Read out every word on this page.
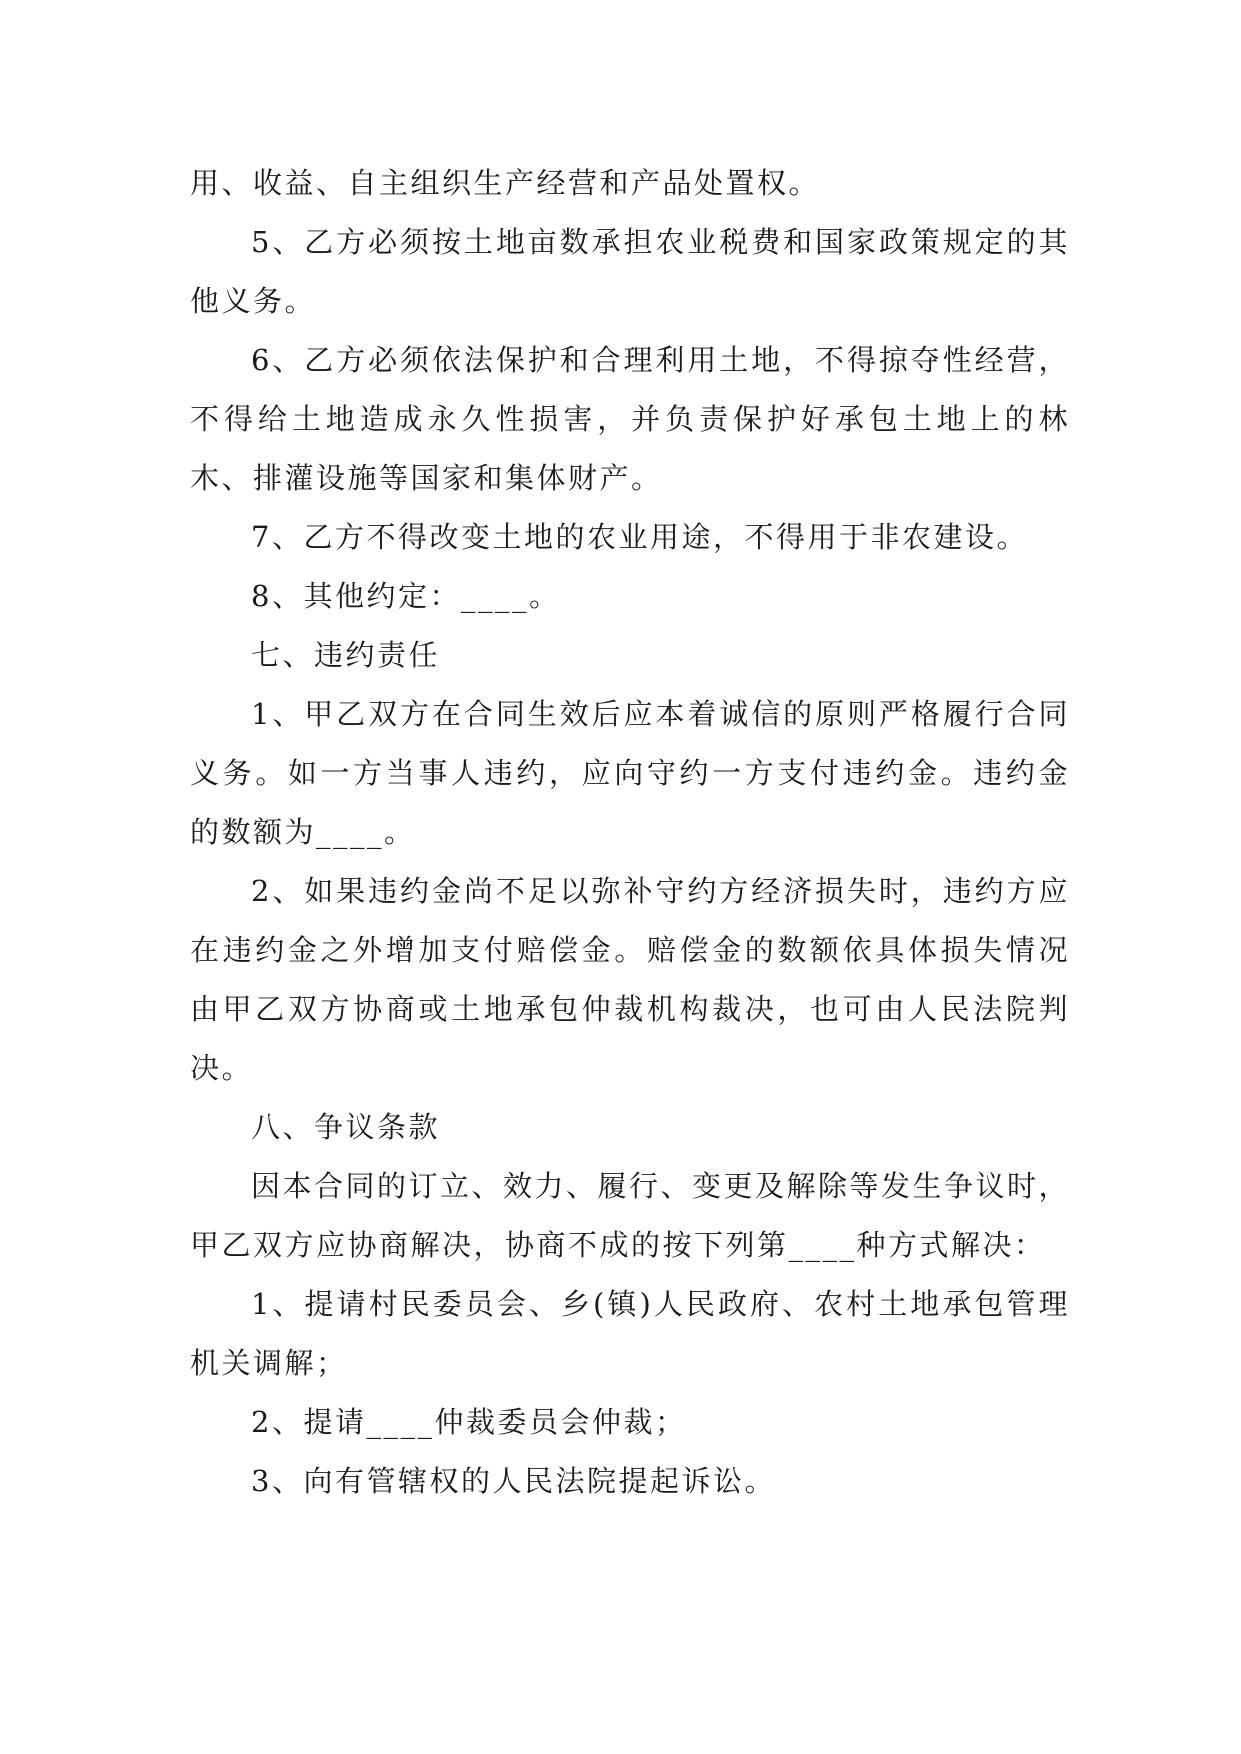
用、收益、自主组织生产经营和产品处置权。

5、乙方必须按土地亩数承担农业税费和国家政策规定的其他义务。

6、乙方必须依法保护和合理利用土地，不得掠夺性经营，不得给土地造成永久性损害，并负责保护好承包土地上的林木、排灌设施等国家和集体财产。

7、乙方不得改变土地的农业用途，不得用于非农建设。

8、其他约定：____。

七、违约责任

1、甲乙双方在合同生效后应本着诚信的原则严格履行合同义务。如一方当事人违约，应向守约一方支付违约金。违约金的数额为____。

2、如果违约金尚不足以弥补守约方经济损失时，违约方应在违约金之外增加支付赔偿金。赔偿金的数额依具体损失情况由甲乙双方协商或土地承包仲裁机构裁决，也可由人民法院判决。

八、争议条款

因本合同的订立、效力、履行、变更及解除等发生争议时，甲乙双方应协商解决，协商不成的按下列第____种方式解决：

1、提请村民委员会、乡(镇)人民政府、农村土地承包管理机关调解；

2、提请____仲裁委员会仲裁；

3、向有管辖权的人民法院提起诉讼。
